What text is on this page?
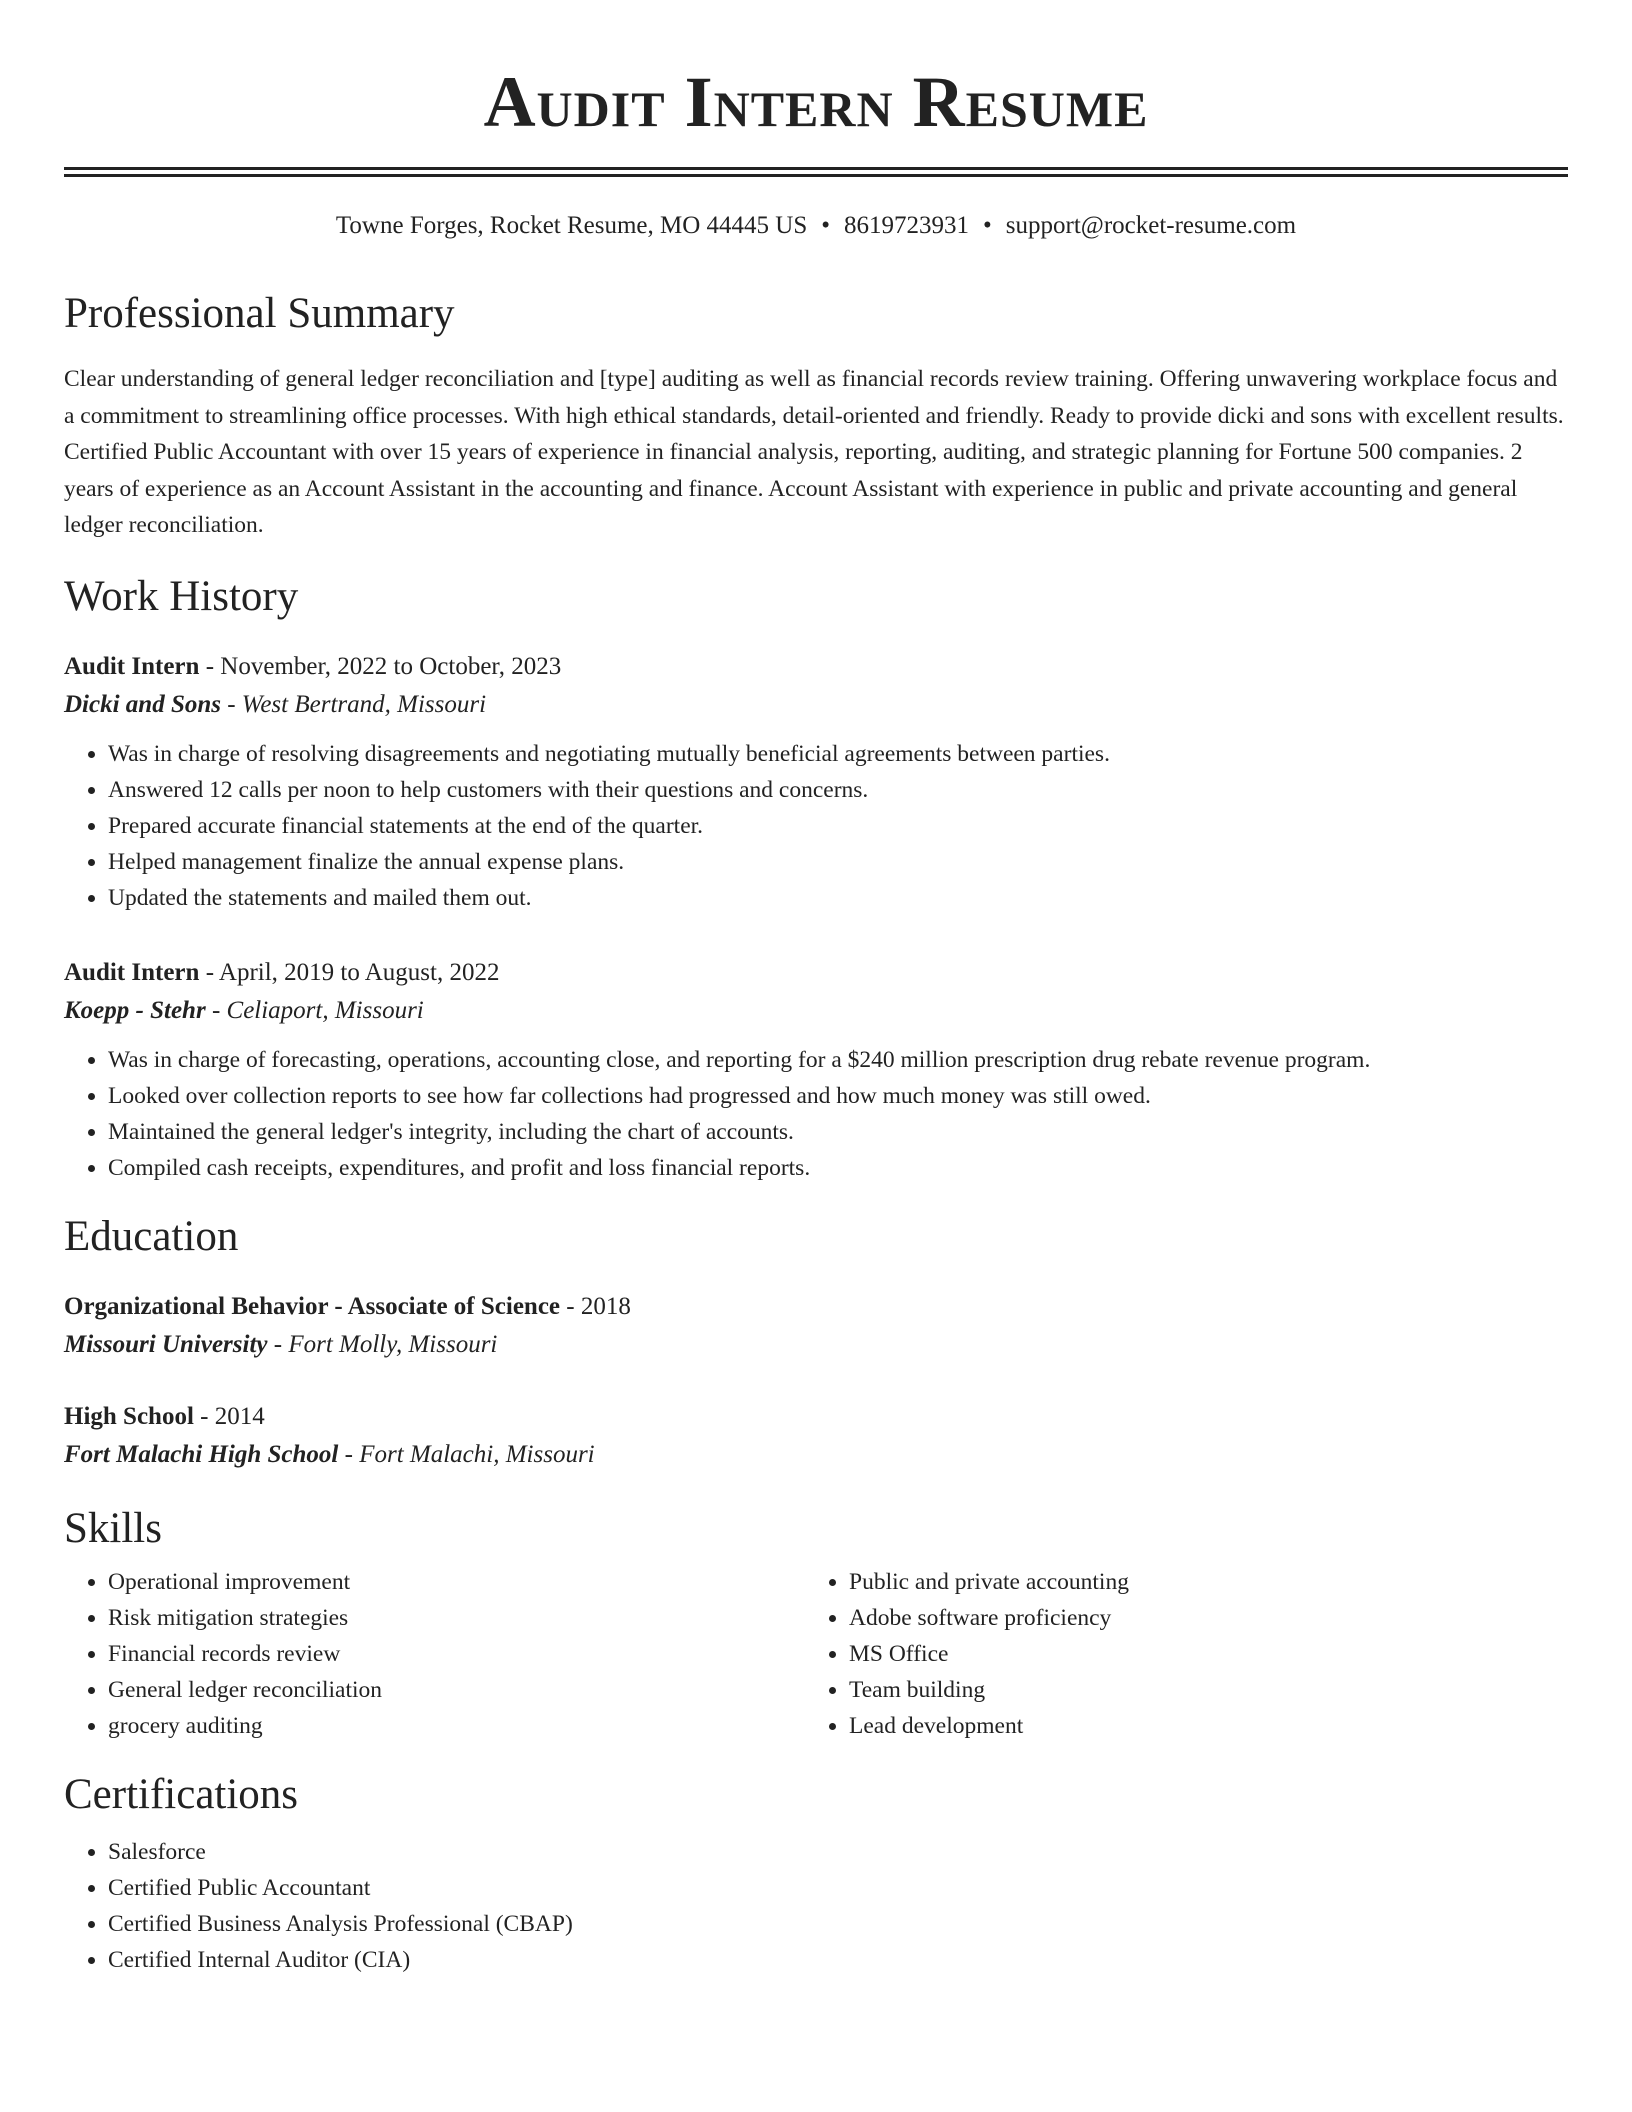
Audit Intern Resume
Towne Forges, Rocket Resume, MO 44445 US • 8619723931 • support@rocket-resume.com
Professional Summary
Clear understanding of general ledger reconciliation and [type] auditing as well as financial records review training. Offering unwavering workplace focus and a commitment to streamlining office processes. With high ethical standards, detail-oriented and friendly. Ready to provide dicki and sons with excellent results. Certified Public Accountant with over 15 years of experience in financial analysis, reporting, auditing, and strategic planning for Fortune 500 companies. 2 years of experience as an Account Assistant in the accounting and finance. Account Assistant with experience in public and private accounting and general ledger reconciliation.
Work History
Audit Intern - November, 2022 to October, 2023
Dicki and Sons - West Bertrand, Missouri
• Was in charge of resolving disagreements and negotiating mutually beneficial agreements between parties.
• Answered 12 calls per noon to help customers with their questions and concerns.
• Prepared accurate financial statements at the end of the quarter.
• Helped management finalize the annual expense plans.
• Updated the statements and mailed them out.
Audit Intern - April, 2019 to August, 2022
Koepp - Stehr - Celiaport, Missouri
• Was in charge of forecasting, operations, accounting close, and reporting for a $240 million prescription drug rebate revenue program.
• Looked over collection reports to see how far collections had progressed and how much money was still owed.
• Maintained the general ledger's integrity, including the chart of accounts.
• Compiled cash receipts, expenditures, and profit and loss financial reports.
Education
Organizational Behavior - Associate of Science - 2018
Missouri University - Fort Molly, Missouri
High School - 2014
Fort Malachi High School - Fort Malachi, Missouri
Skills
• Operational improvement
• Risk mitigation strategies
• Financial records review
• General ledger reconciliation
• grocery auditing
• Public and private accounting
• Adobe software proficiency
• MS Office
• Team building
• Lead development
Certifications
• Salesforce
• Certified Public Accountant
• Certified Business Analysis Professional (CBAP)
• Certified Internal Auditor (CIA)
